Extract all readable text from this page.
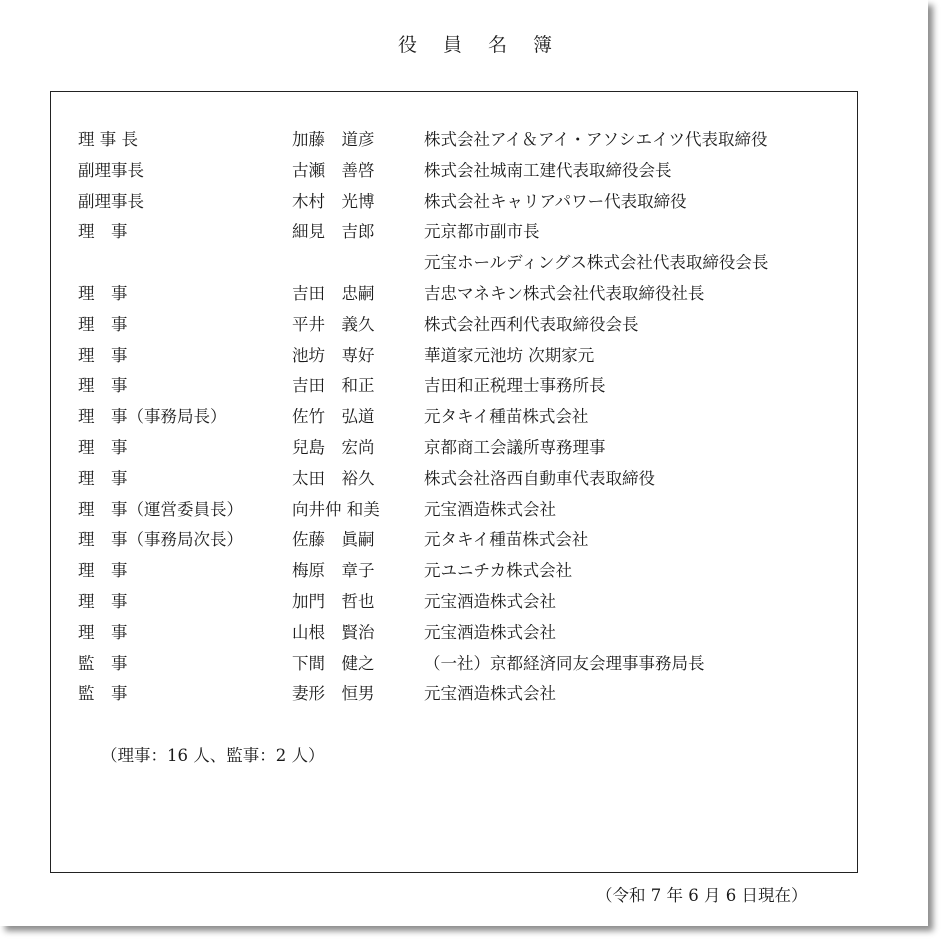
役 員 名 簿
理 事 長	加藤　道彦	株式会社アイ＆アイ・アソシエイツ代表取締役
副理事長	古瀬　善啓	株式会社城南工建代表取締役会長
副理事長	木村　光博	株式会社キャリアパワー代表取締役
理　事	細見　吉郎	元京都市副市長
元宝ホールディングス株式会社代表取締役会長
理　事	吉田　忠嗣	吉忠マネキン株式会社代表取締役社長
理　事	平井　義久	株式会社西利代表取締役会長
理　事	池坊　専好	華道家元池坊 次期家元
理　事	吉田　和正	吉田和正税理士事務所長
理　事（事務局長）	佐竹　弘道	元タキイ種苗株式会社
理　事	兒島　宏尚	京都商工会議所専務理事
理　事	太田　裕久	株式会社洛西自動車代表取締役
理　事（運営委員長）	向井仲 和美	元宝酒造株式会社
理　事（事務局次長）	佐藤　眞嗣	元タキイ種苗株式会社
理　事	梅原　章子	元ユニチカ株式会社
理　事	加門　哲也	元宝酒造株式会社
理　事	山根　賢治	元宝酒造株式会社
監　事	下間　健之	（一社）京都経済同友会理事事務局長
監　事	妻形　恒男	元宝酒造株式会社
（理事：16 人、監事：2 人）
（令和 7 年 6 月 6 日現在）
